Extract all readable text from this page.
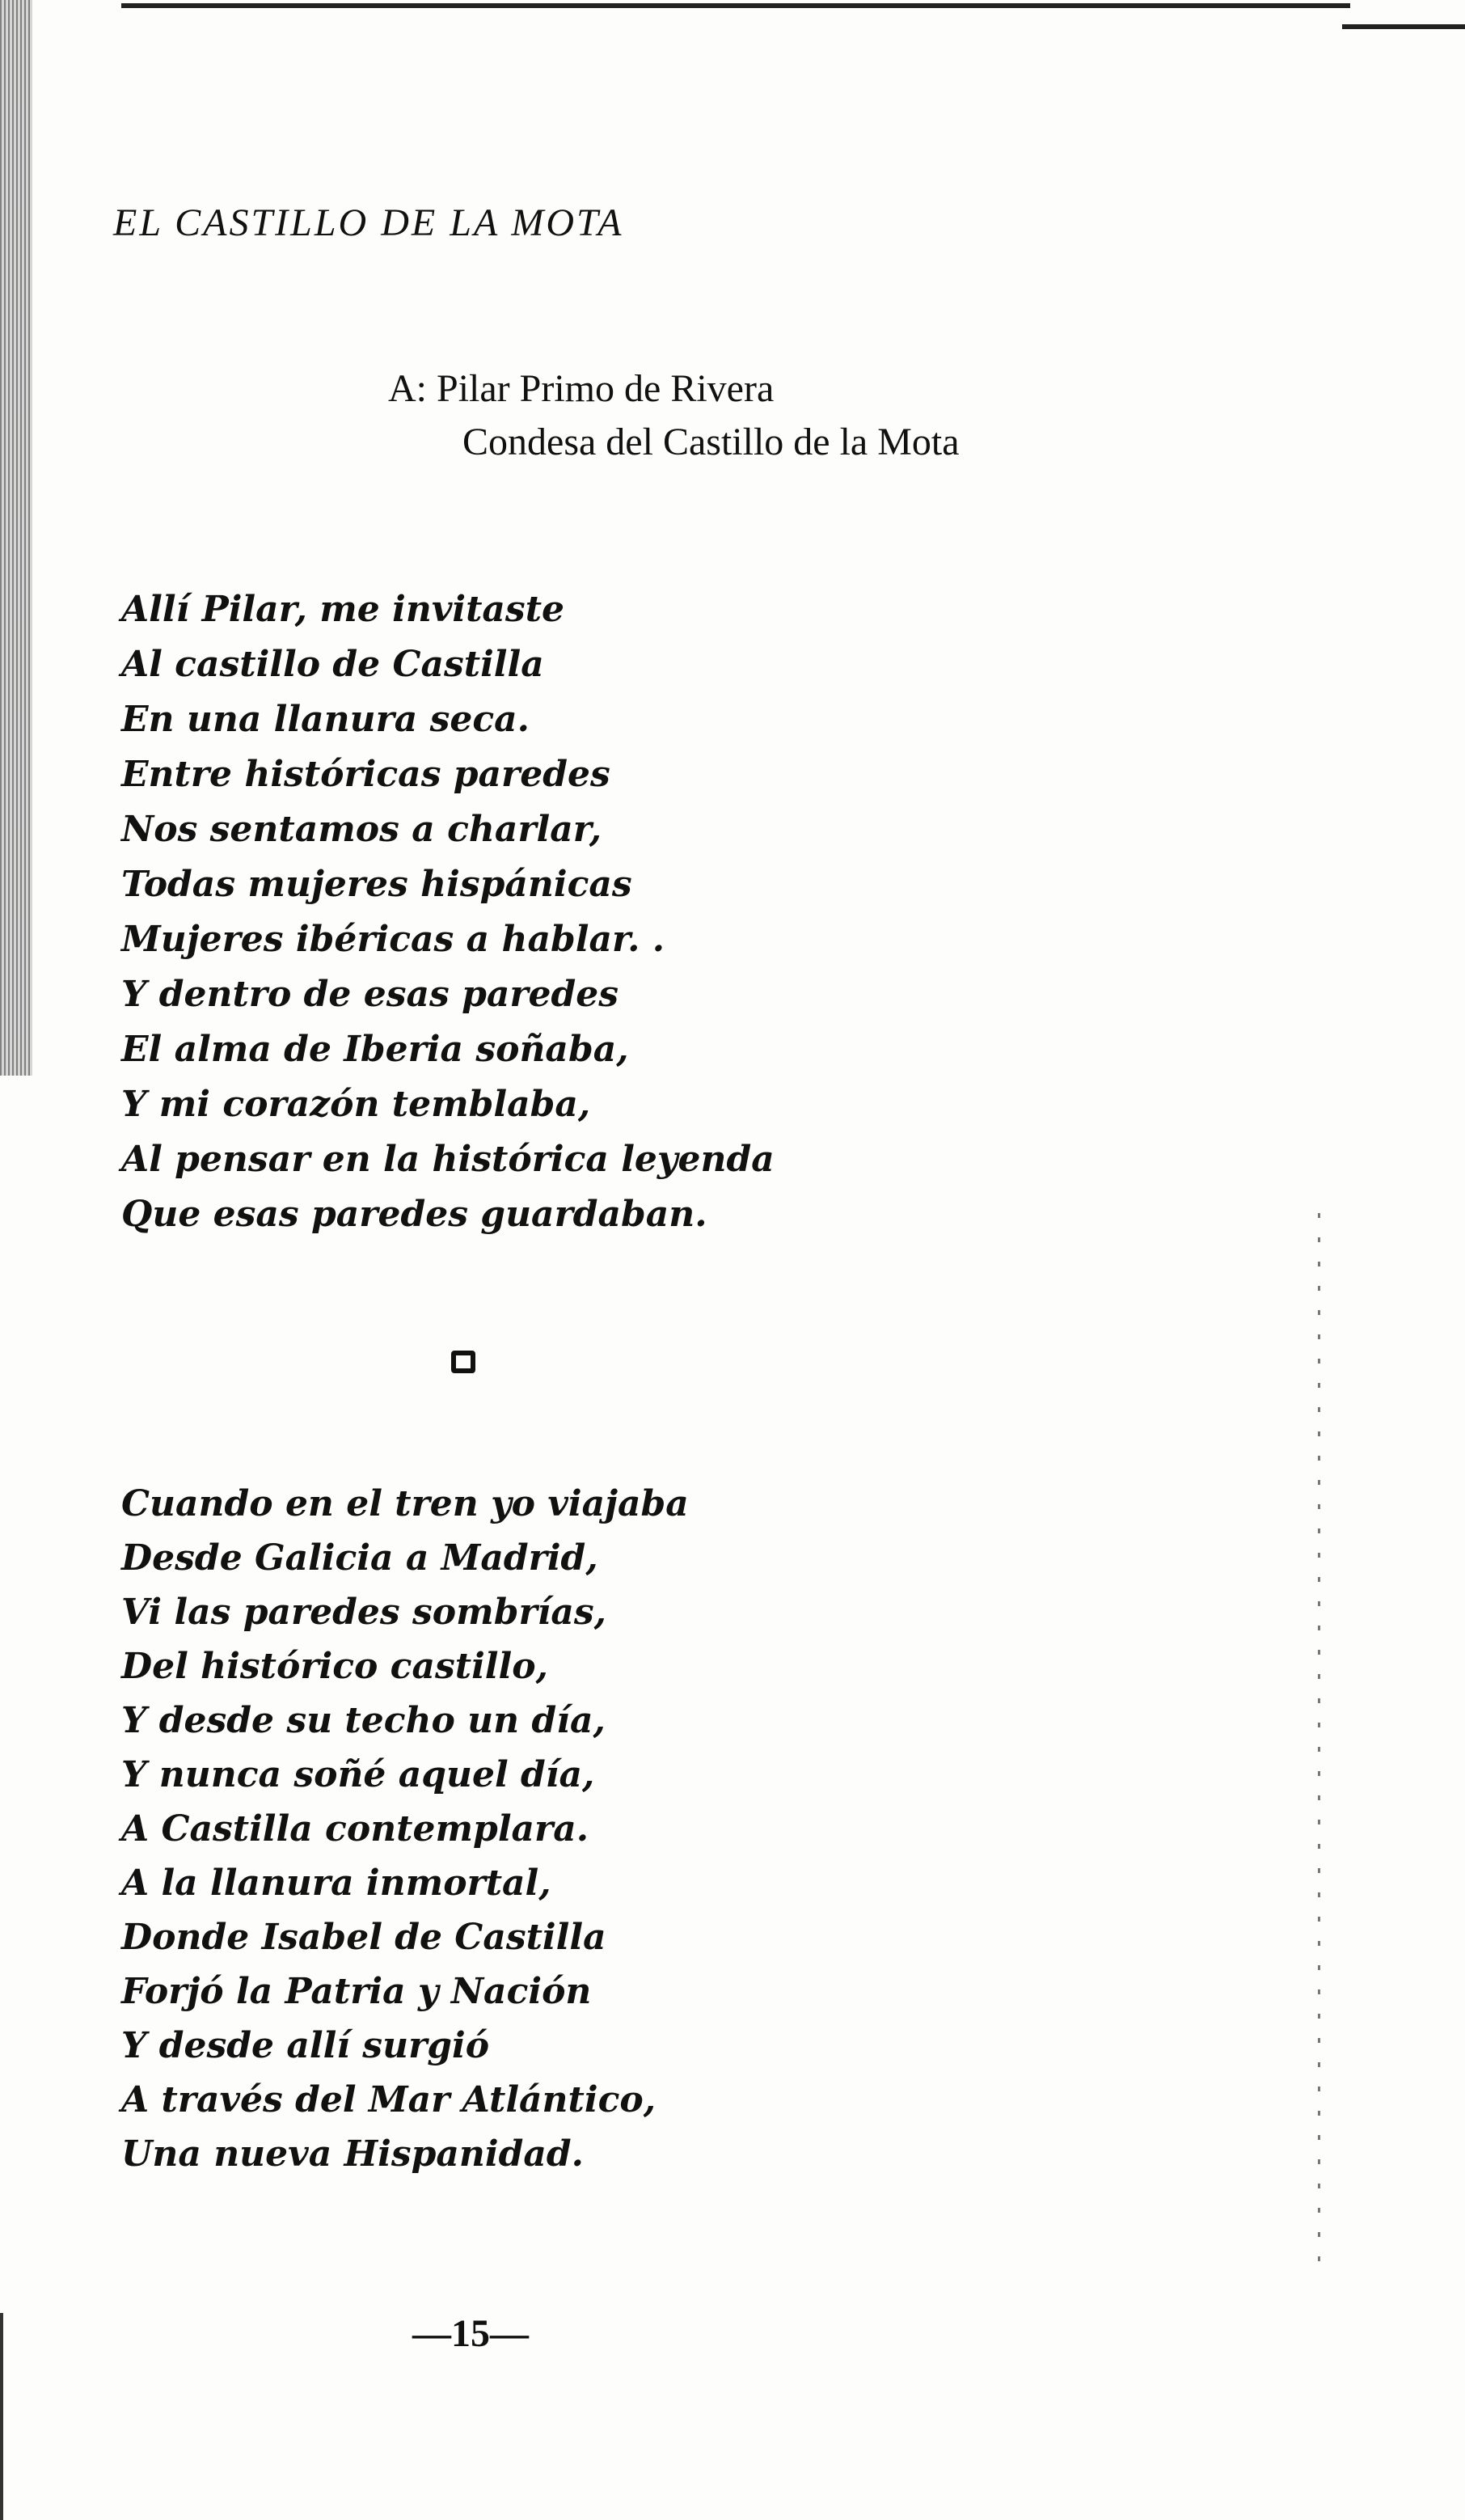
EL CASTILLO DE LA MOTA
A: Pilar Primo de Rivera
Condesa del Castillo de la Mota
Allí Pilar, me invitaste
Al castillo de Castilla
En una llanura seca.
Entre históricas paredes
Nos sentamos a charlar,
Todas mujeres hispánicas
Mujeres ibéricas a hablar. .
Y dentro de esas paredes
El alma de Iberia soñaba,
Y mi corazón temblaba,
Al pensar en la histórica leyenda
Que esas paredes guardaban.
Cuando en el tren yo viajaba
Desde Galicia a Madrid,
Vi las paredes sombrías,
Del histórico castillo,
Y desde su techo un día,
Y nunca soñé aquel día,
A Castilla contemplara.
A la llanura inmortal,
Donde Isabel de Castilla
Forjó la Patria y Nación
Y desde allí surgió
A través del Mar Atlántico,
Una nueva Hispanidad.
—15—
